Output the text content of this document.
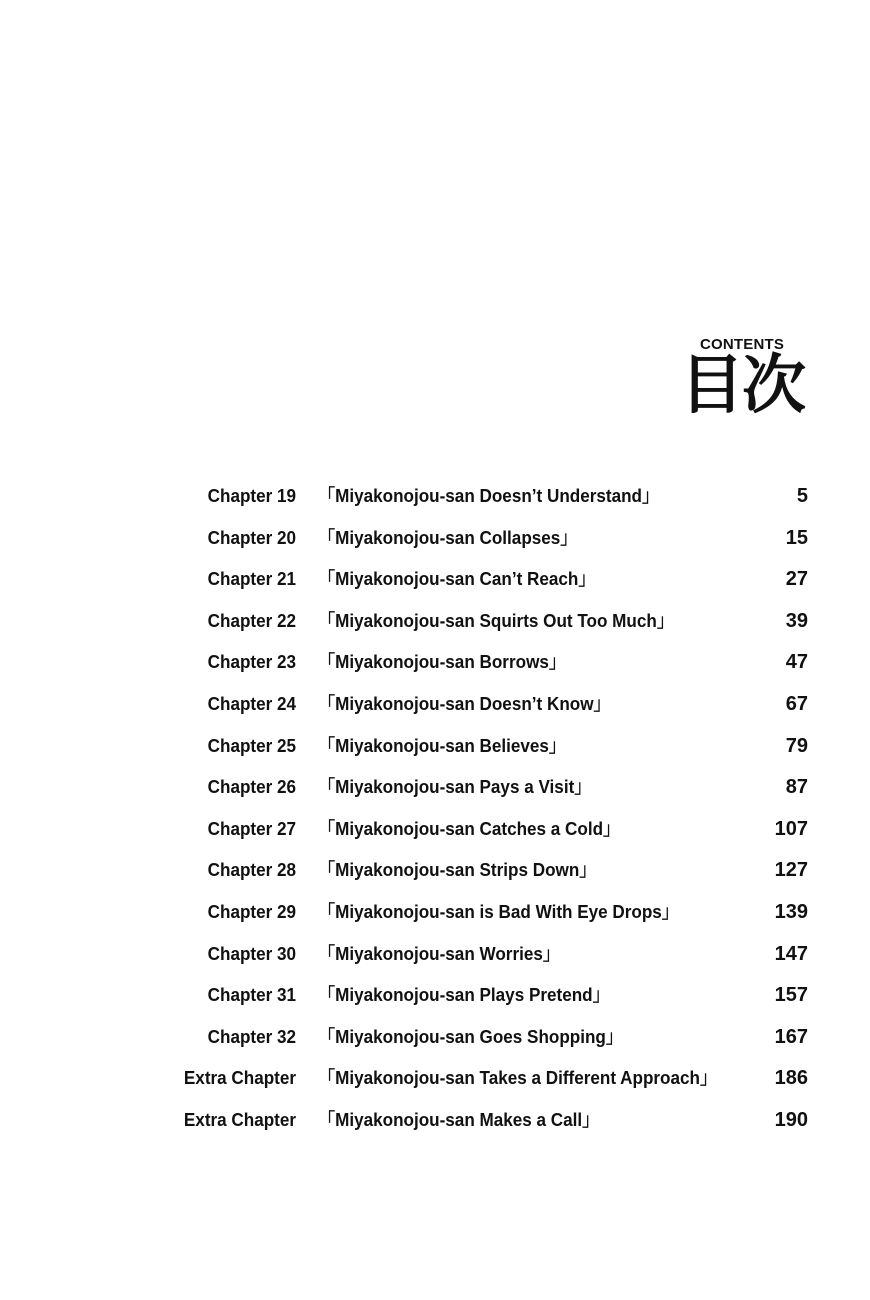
CONTENTS
目次
Chapter 19 「Miyakonojou-san Doesn’t Understand」	5
Chapter 20 「Miyakonojou-san Collapses」	15
Chapter 21 「Miyakonojou-san Can’t Reach」	27
Chapter 22 「Miyakonojou-san Squirts Out Too Much」	39
Chapter 23 「Miyakonojou-san Borrows」	47
Chapter 24 「Miyakonojou-san Doesn’t Know」	67
Chapter 25 「Miyakonojou-san Believes」	79
Chapter 26 「Miyakonojou-san Pays a Visit」	87
Chapter 27 「Miyakonojou-san Catches a Cold」	107
Chapter 28 「Miyakonojou-san Strips Down」	127
Chapter 29 「Miyakonojou-san is Bad With Eye Drops」	139
Chapter 30 「Miyakonojou-san Worries」	147
Chapter 31 「Miyakonojou-san Plays Pretend」	157
Chapter 32 「Miyakonojou-san Goes Shopping」	167
Extra Chapter 「Miyakonojou-san Takes a Different Approach」	186
Extra Chapter 「Miyakonojou-san Makes a Call」	190
